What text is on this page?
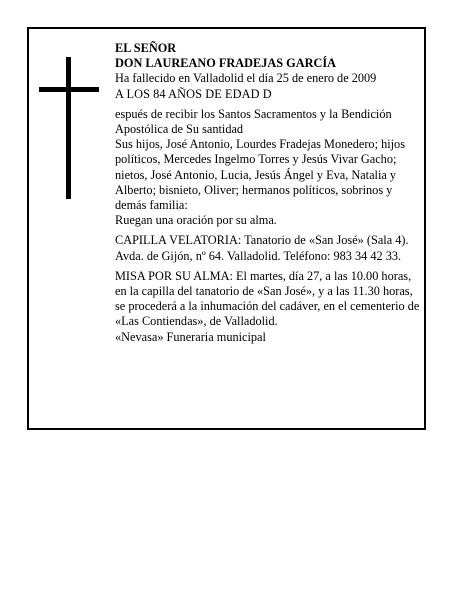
EL SEÑOR

DON LAUREANO FRADEJAS GARCÍA

Ha fallecido en Valladolid el día 25 de enero de 2009

A LOS 84 AÑOS DE EDAD D

espués de recibir los Santos Sacramentos y la Bendición Apostólica de Su santidad

Sus hijos, José Antonio, Lourdes Fradejas Monedero; hijos políticos, Mercedes Ingelmo Torres y Jesús Vivar Gacho; nietos, José Antonio, Lucia, Jesús Ángel y Eva, Natalia y Alberto; bisnieto, Oliver; hermanos políticos, sobrinos y demás familia:

Ruegan una oración por su alma.

CAPILLA VELATORIA: Tanatorio de «San José» (Sala 4). Avda. de Gijón, nº 64. Valladolid. Teléfono: 983 34 42 33.

MISA POR SU ALMA: El martes, día 27, a las 10.00 horas, en la capilla del tanatorio de «San José», y a las 11.30 horas, se procederá a la inhumación del cadáver, en el cementerio de «Las Contiendas», de Valladolid.

«Nevasa» Funeraria municipal
